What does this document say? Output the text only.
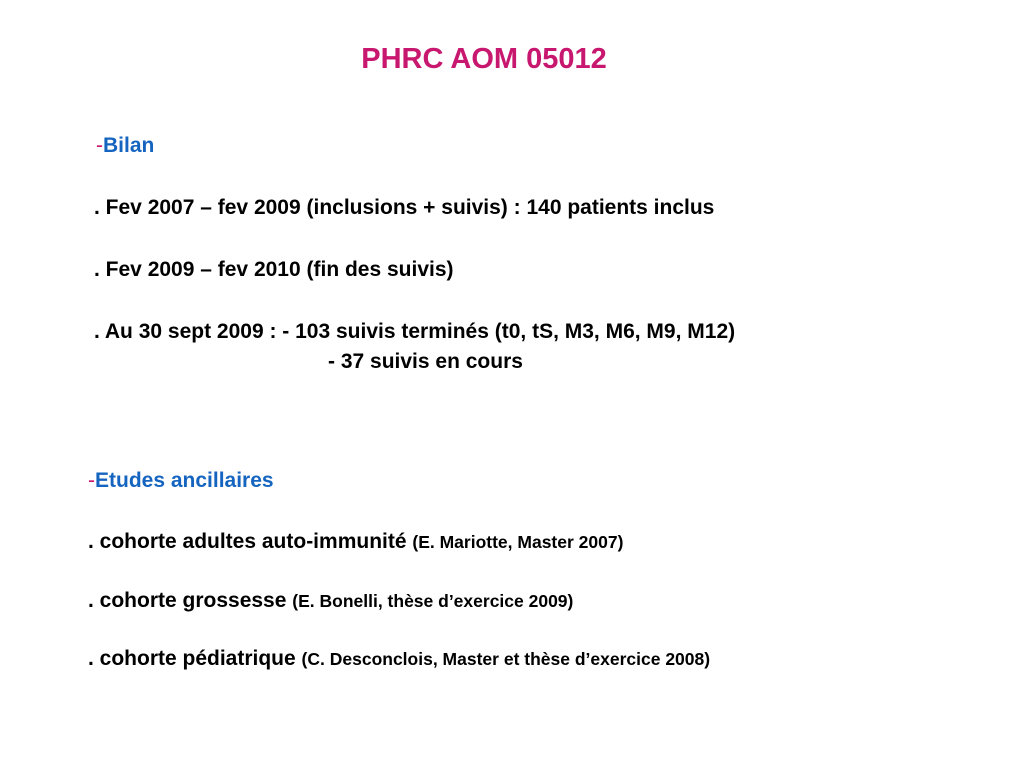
PHRC AOM 05012
-Bilan
. Fev 2007 – fev 2009 (inclusions + suivis) : 140 patients inclus
. Fev 2009 – fev 2010 (fin des suivis)
. Au 30 sept 2009 : - 103 suivis terminés (t0, tS, M3, M6, M9, M12)
- 37 suivis en cours
-Etudes ancillaires
. cohorte adultes auto-immunité (E. Mariotte, Master 2007)
. cohorte grossesse (E. Bonelli, thèse d’exercice 2009)
. cohorte pédiatrique (C. Desconclois, Master et thèse d’exercice 2008)
